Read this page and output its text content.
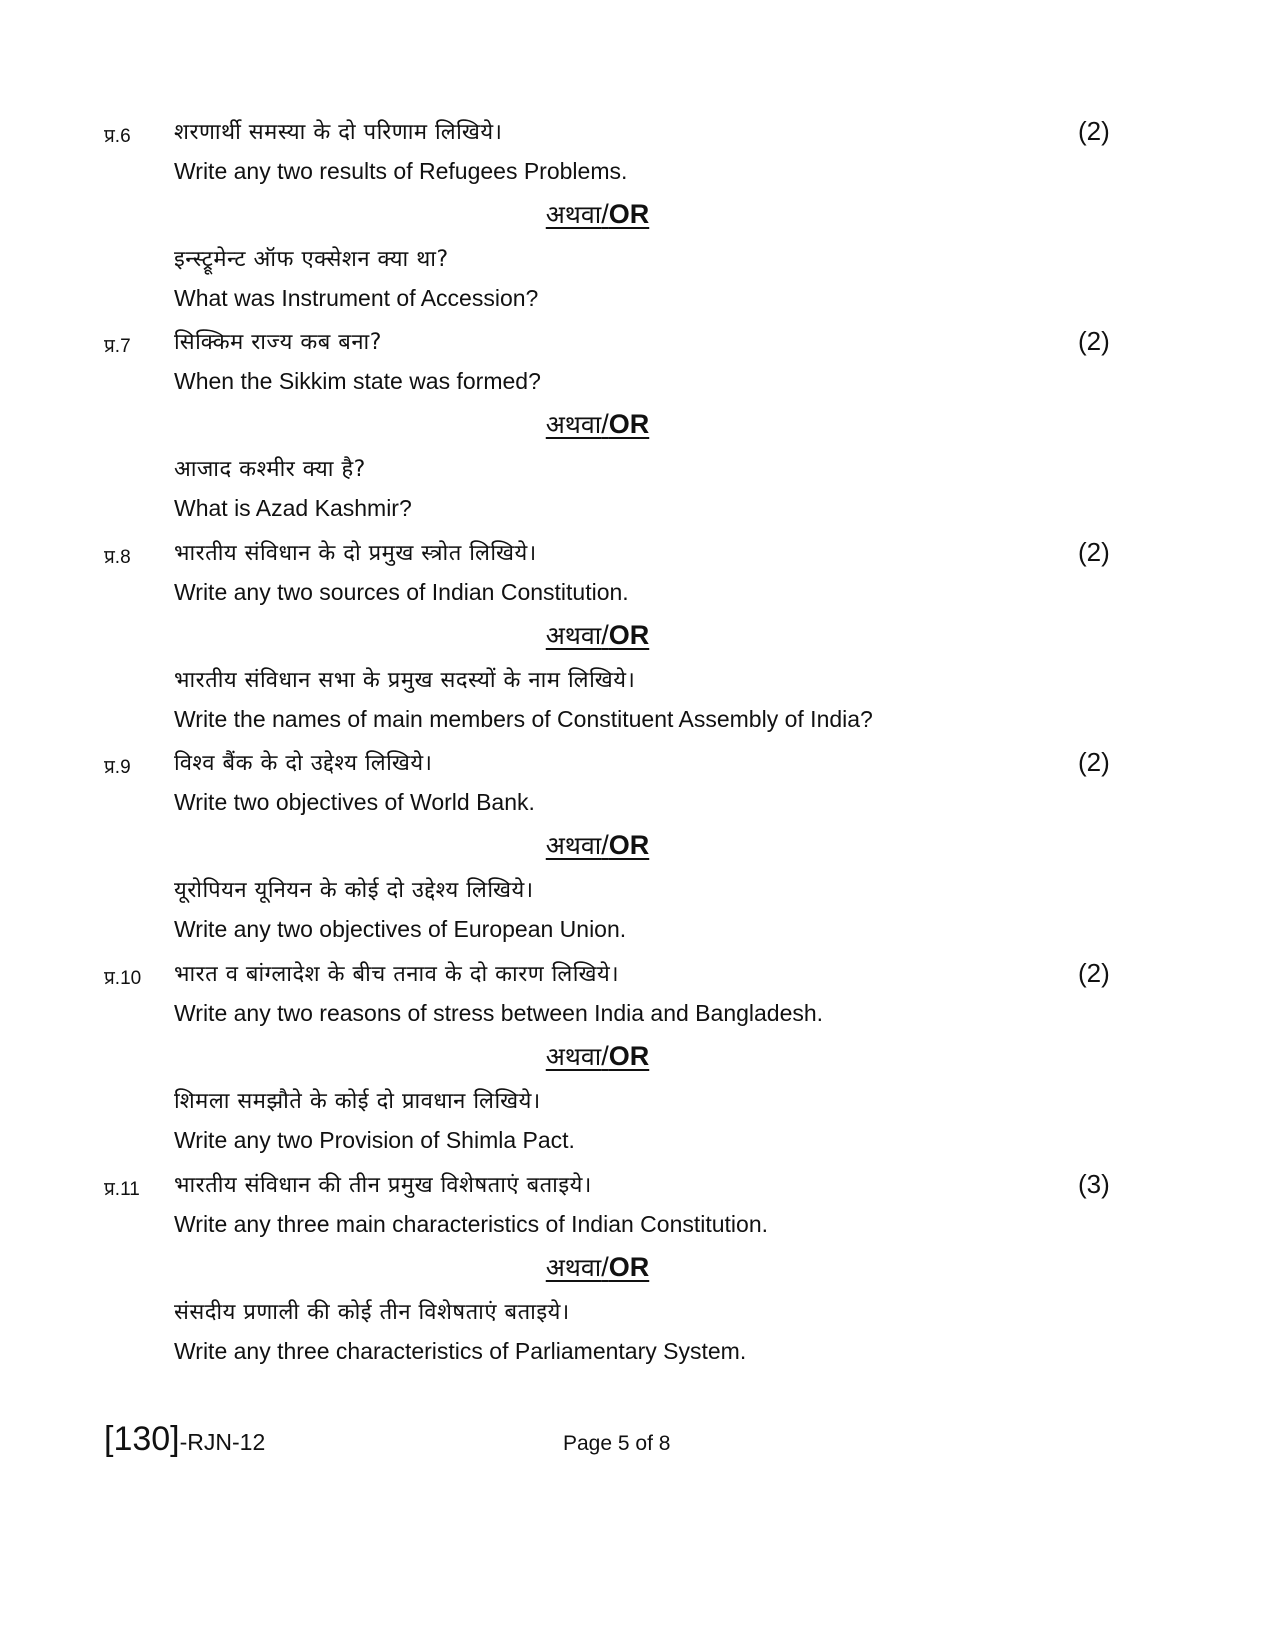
प्र.6 शरणार्थी समस्या के दो परिणाम लिखिये।	(2)
Write any two results of Refugees Problems.
अथवा/OR
इन्स्ट्रूमेन्ट ऑफ एक्सेशन क्या था?
What was Instrument of Accession?
प्र.7 सिक्किम राज्य कब बना?	(2)
When the Sikkim state was formed?
अथवा/OR
आजाद कश्मीर क्या है?
What is Azad Kashmir?
प्र.8 भारतीय संविधान के दो प्रमुख स्त्रोत लिखिये।	(2)
Write any two sources of Indian Constitution.
अथवा/OR
भारतीय संविधान सभा के प्रमुख सदस्यों के नाम लिखिये।
Write the names of main members of Constituent Assembly of India?
प्र.9 विश्व बैंक के दो उद्देश्य लिखिये।	(2)
Write two objectives of World Bank.
अथवा/OR
यूरोपियन यूनियन के कोई दो उद्देश्य लिखिये।
Write any two objectives of European Union.
प्र.10 भारत व बांग्लादेश के बीच तनाव के दो कारण लिखिये।	(2)
Write any two reasons of stress between India and Bangladesh.
अथवा/OR
शिमला समझौते के कोई दो प्रावधान लिखिये।
Write any two Provision of Shimla Pact.
प्र.11 भारतीय संविधान की तीन प्रमुख विशेषताएं बताइये।	(3)
Write any three main characteristics of Indian Constitution.
अथवा/OR
संसदीय प्रणाली की कोई तीन विशेषताएं बताइये।
Write any three characteristics of Parliamentary System.
[130]-RJN-12	Page 5 of 8
